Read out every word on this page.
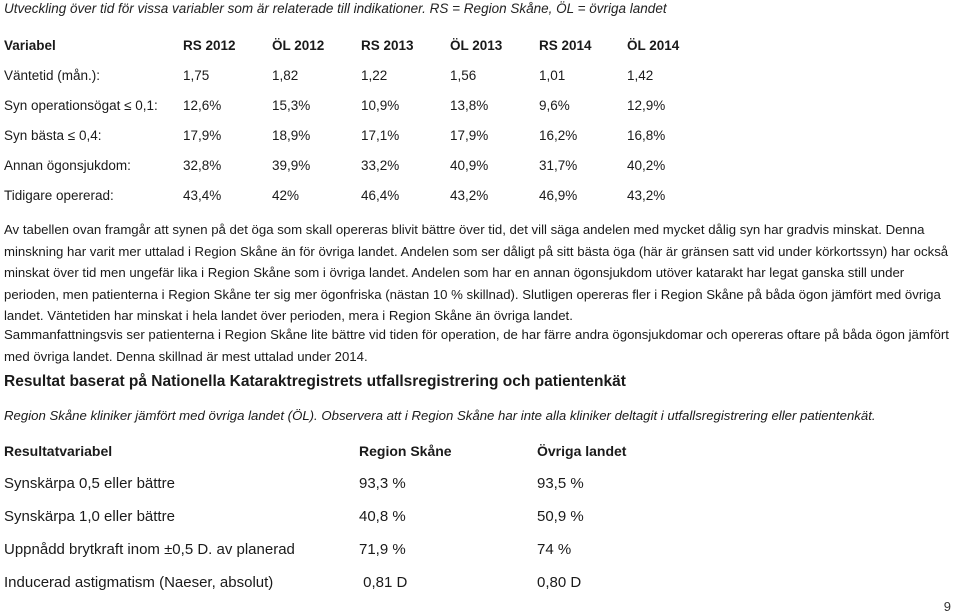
Utveckling över tid för vissa variabler som är relaterade till indikationer. RS = Region Skåne, ÖL = övriga landet
Variabel	RS 2012	ÖL 2012	RS 2013	ÖL 2013	RS 2014	ÖL 2014
Väntetid (mån.):	1,75	1,82	1,22	1,56	1,01	1,42
Syn operationsögat ≤ 0,1:	12,6%	15,3%	10,9%	13,8%	9,6%	12,9%
Syn bästa ≤ 0,4:	17,9%	18,9%	17,1%	17,9%	16,2%	16,8%
Annan ögonsjukdom:	32,8%	39,9%	33,2%	40,9%	31,7%	40,2%
Tidigare opererad:	43,4%	42%	46,4%	43,2%	46,9%	43,2%

Av tabellen ovan framgår att synen på det öga som skall opereras blivit bättre över tid, det vill säga andelen med mycket dålig syn har gradvis minskat. Denna minskning har varit mer uttalad i Region Skåne än för övriga landet. Andelen som ser dåligt på sitt bästa öga (här är gränsen satt vid under körkortssyn) har också minskat över tid men ungefär lika i Region Skåne som i övriga landet. Andelen som har en annan ögonsjukdom utöver katarakt har legat ganska still under perioden, men patienterna i Region Skåne ter sig mer ögonfriska (nästan 10 % skillnad). Slutligen opereras fler i Region Skåne på båda ögon jämfört med övriga landet. Väntetiden har minskat i hela landet över perioden, mera i Region Skåne än övriga landet.

Sammanfattningsvis ser patienterna i Region Skåne lite bättre vid tiden för operation, de har färre andra ögonsjukdomar och opereras oftare på båda ögon jämfört med övriga landet. Denna skillnad är mest uttalad under 2014.

Resultat baserat på Nationella Kataraktregistrets utfallsregistrering och patientenkät
Region Skåne kliniker jämfört med övriga landet (ÖL). Observera att i Region Skåne har inte alla kliniker deltagit i utfallsregistrering eller patientenkät.
Resultatvariabel	Region Skåne	Övriga landet
Synskärpa 0,5 eller bättre	93,3 %	93,5 %
Synskärpa 1,0 eller bättre	40,8 %	50,9 %
Uppnådd brytkraft inom ±0,5 D. av planerad	71,9 %	74 %
Inducerad astigmatism (Naeser, absolut)	0,81 D	0,80 D
9
